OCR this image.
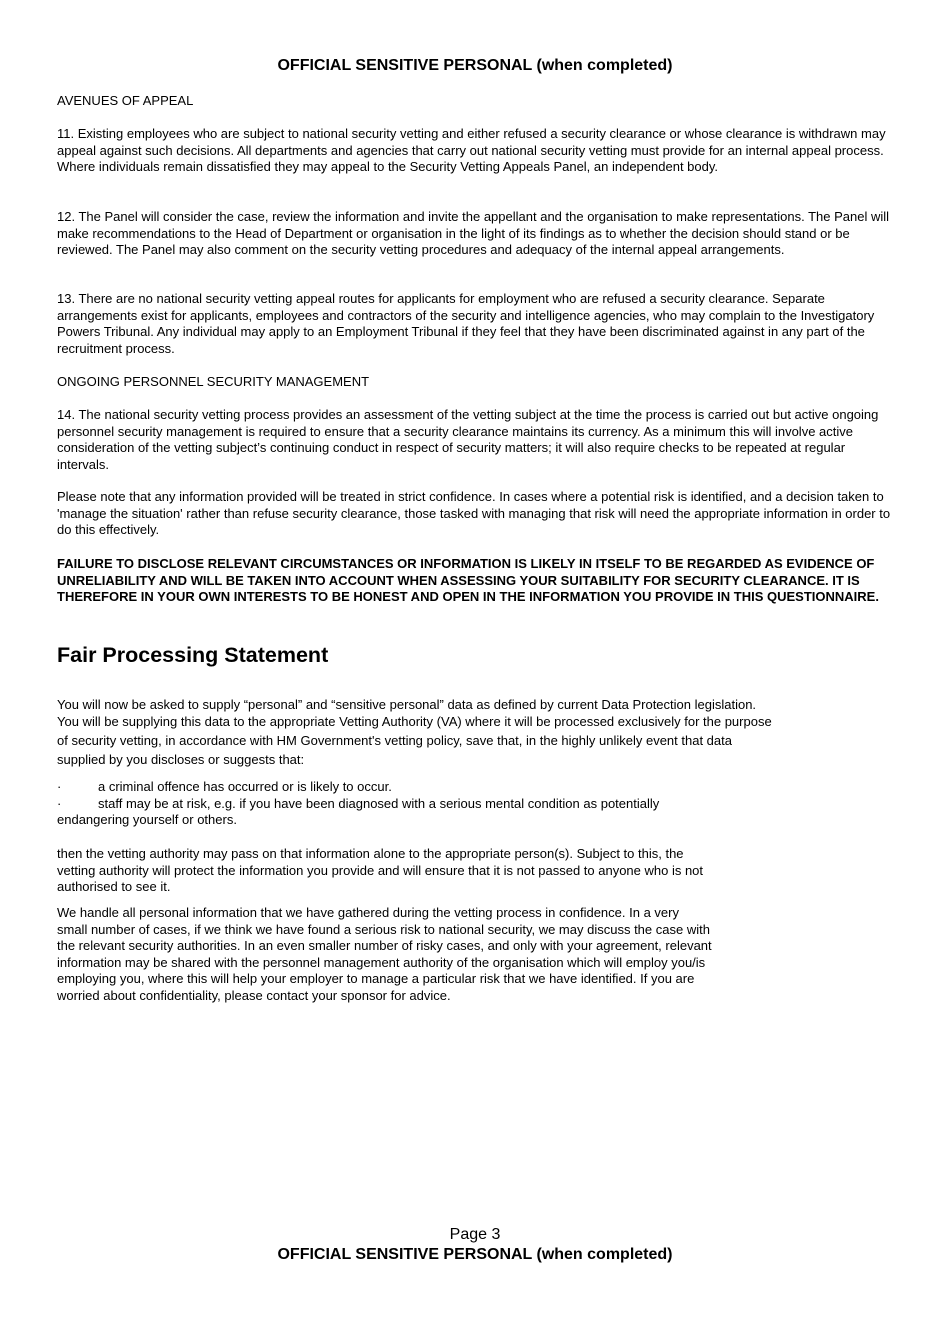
OFFICIAL SENSITIVE PERSONAL (when completed)

AVENUES OF APPEAL

11. Existing employees who are subject to national security vetting and either refused a security clearance or whose clearance is withdrawn may appeal against such decisions. All departments and agencies that carry out national security vetting must provide for an internal appeal process. Where individuals remain dissatisfied they may appeal to the Security Vetting Appeals Panel, an independent body.

12. The Panel will consider the case, review the information and invite the appellant and the organisation to make representations. The Panel will make recommendations to the Head of Department or organisation in the light of its findings as to whether the decision should stand or be reviewed. The Panel may also comment on the security vetting procedures and adequacy of the internal appeal arrangements.

13. There are no national security vetting appeal routes for applicants for employment who are refused a security clearance. Separate arrangements exist for applicants, employees and contractors of the security and intelligence agencies, who may complain to the Investigatory Powers Tribunal. Any individual may apply to an Employment Tribunal if they feel that they have been discriminated against in any part of the recruitment process.

ONGOING PERSONNEL SECURITY MANAGEMENT

14. The national security vetting process provides an assessment of the vetting subject at the time the process is carried out but active ongoing personnel security management is required to ensure that a security clearance maintains its currency. As a minimum this will involve active consideration of the vetting subject’s continuing conduct in respect of security matters; it will also require checks to be repeated at regular intervals.

Please note that any information provided will be treated in strict confidence. In cases where a potential risk is identified, and a decision taken to 'manage the situation' rather than refuse security clearance, those tasked with managing that risk will need the appropriate information in order to do this effectively.

FAILURE TO DISCLOSE RELEVANT CIRCUMSTANCES OR INFORMATION IS LIKELY IN ITSELF TO BE REGARDED AS EVIDENCE OF UNRELIABILITY AND WILL BE TAKEN INTO ACCOUNT WHEN ASSESSING YOUR SUITABILITY FOR SECURITY CLEARANCE. IT IS THEREFORE IN YOUR OWN INTERESTS TO BE HONEST AND OPEN IN THE INFORMATION YOU PROVIDE IN THIS QUESTIONNAIRE.
Fair Processing Statement

You will now be asked to supply “personal” and “sensitive personal” data as defined by current Data Protection legislation.

You will be supplying this data to the appropriate Vetting Authority (VA) where it will be processed exclusively for the purpose

of security vetting, in accordance with HM Government's vetting policy, save that, in the highly unlikely event that data

supplied by you discloses or suggests that:

·	a criminal offence has occurred or is likely to occur.
·	staff may be at risk, e.g. if you have been diagnosed with a serious mental condition as potentially

endangering yourself or others.

then the vetting authority may pass on that information alone to the appropriate person(s). Subject to this, the

vetting authority will protect the information you provide and will ensure that it is not passed to anyone who is not

authorised to see it.

We handle all personal information that we have gathered during the vetting process in confidence. In a very

small number of cases, if we think we have found a serious risk to national security, we may discuss the case with

the relevant security authorities. In an even smaller number of risky cases, and only with your agreement, relevant

information may be shared with the personnel management authority of the organisation which will employ you/is

employing you, where this will help your employer to manage a particular risk that we have identified. If you are

worried about confidentiality, please contact your sponsor for advice.

Page 3
OFFICIAL SENSITIVE PERSONAL (when completed)
